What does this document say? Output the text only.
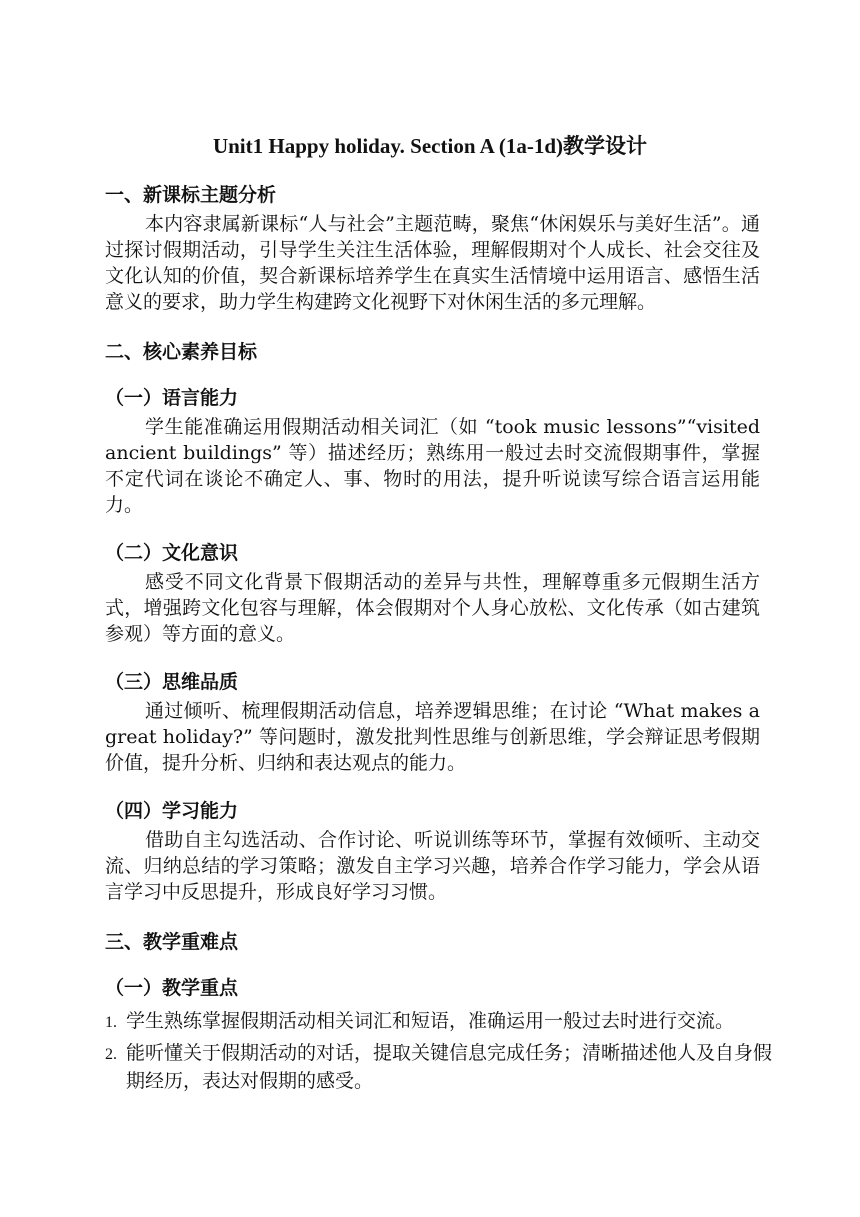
Unit1 Happy holiday. Section A (1a-1d)教学设计
一、新课标主题分析

本内容隶属新课标“人与社会”主题范畴，聚焦“休闲娱乐与美好生活”。通过探讨假期活动，引导学生关注生活体验，理解假期对个人成长、社会交往及文化认知的价值，契合新课标培养学生在真实生活情境中运用语言、感悟生活意义的要求，助力学生构建跨文化视野下对休闲生活的多元理解。

二、核心素养目标
（一）语言能力

学生能准确运用假期活动相关词汇（如 “took music lessons”“visited ancient buildings” 等）描述经历；熟练用一般过去时交流假期事件，掌握不定代词在谈论不确定人、事、物时的用法，提升听说读写综合语言运用能力。

（二）文化意识

感受不同文化背景下假期活动的差异与共性，理解尊重多元假期生活方式，增强跨文化包容与理解，体会假期对个人身心放松、文化传承（如古建筑参观）等方面的意义。

（三）思维品质

通过倾听、梳理假期活动信息，培养逻辑思维；在讨论 “What makes a great holiday?” 等问题时，激发批判性思维与创新思维，学会辩证思考假期价值，提升分析、归纳和表达观点的能力。

（四）学习能力

借助自主勾选活动、合作讨论、听说训练等环节，掌握有效倾听、主动交流、归纳总结的学习策略；激发自主学习兴趣，培养合作学习能力，学会从语言学习中反思提升，形成良好学习习惯。

三、教学重难点
（一）教学重点

1. 学生熟练掌握假期活动相关词汇和短语，准确运用一般过去时进行交流。

2. 能听懂关于假期活动的对话，提取关键信息完成任务；清晰描述他人及自身假期经历，表达对假期的感受。
